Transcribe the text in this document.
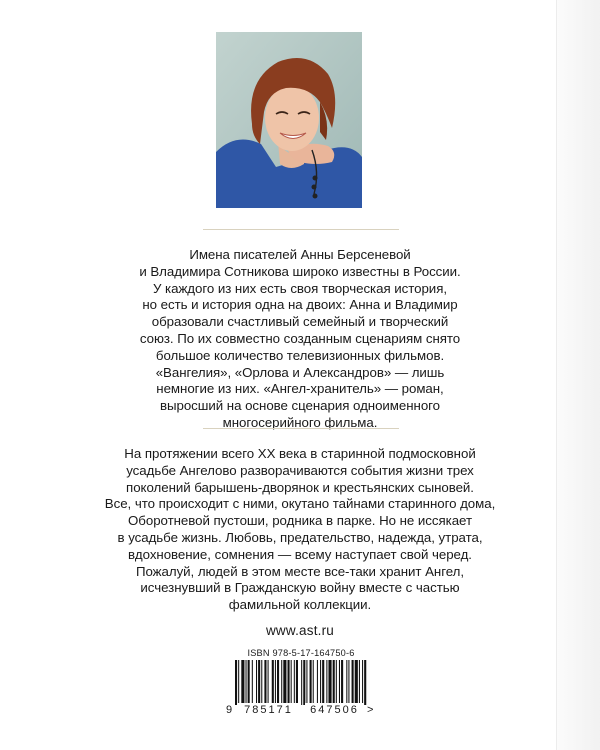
Имена писателей Анны Берсеневой
и Владимира Сотникова широко известны в России.
У каждого из них есть своя творческая история,
но есть и история одна на двоих: Анна и Владимир
образовали счастливый семейный и творческий
союз. По их совместно созданным сценариям снято
большое количество телевизионных фильмов.
«Вангелия», «Орлова и Александров» — лишь
немногие из них. «Ангел-хранитель» — роман,
выросший на основе сценария одноименного
многосерийного фильма.
На протяжении всего XX века в старинной подмосковной
усадьбе Ангелово разворачиваются события жизни трех
поколений барышень-дворянок и крестьянских сыновей.
Все, что происходит с ними, окутано тайнами старинного дома,
Оборотневой пустоши, родника в парке. Но не иссякает
в усадьбе жизнь. Любовь, предательство, надежда, утрата,
вдохновение, сомнения — всему наступает свой черед.
Пожалуй, людей в этом месте все-таки хранит Ангел,
исчезнувший в Гражданскую войну вместе с частью
фамильной коллекции.
www.ast.ru
ISBN 978-5-17-164750-6
9	785171	647506 >
